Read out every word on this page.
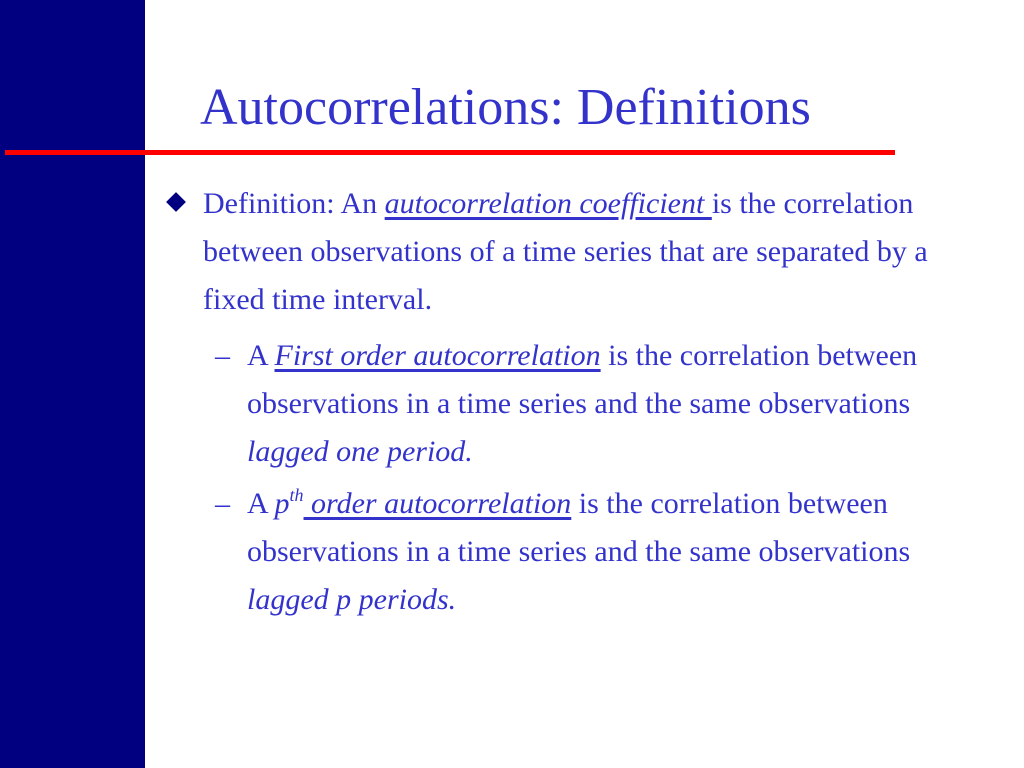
Autocorrelations: Definitions
Definition: An autocorrelation coefficient is the correlation between observations of a time series that are separated by a fixed time interval.
– A First order autocorrelation is the correlation between observations in a time series and the same observations lagged one period.
– A $p^{th}$ order autocorrelation is the correlation between observations in a time series and the same observations lagged p periods.
